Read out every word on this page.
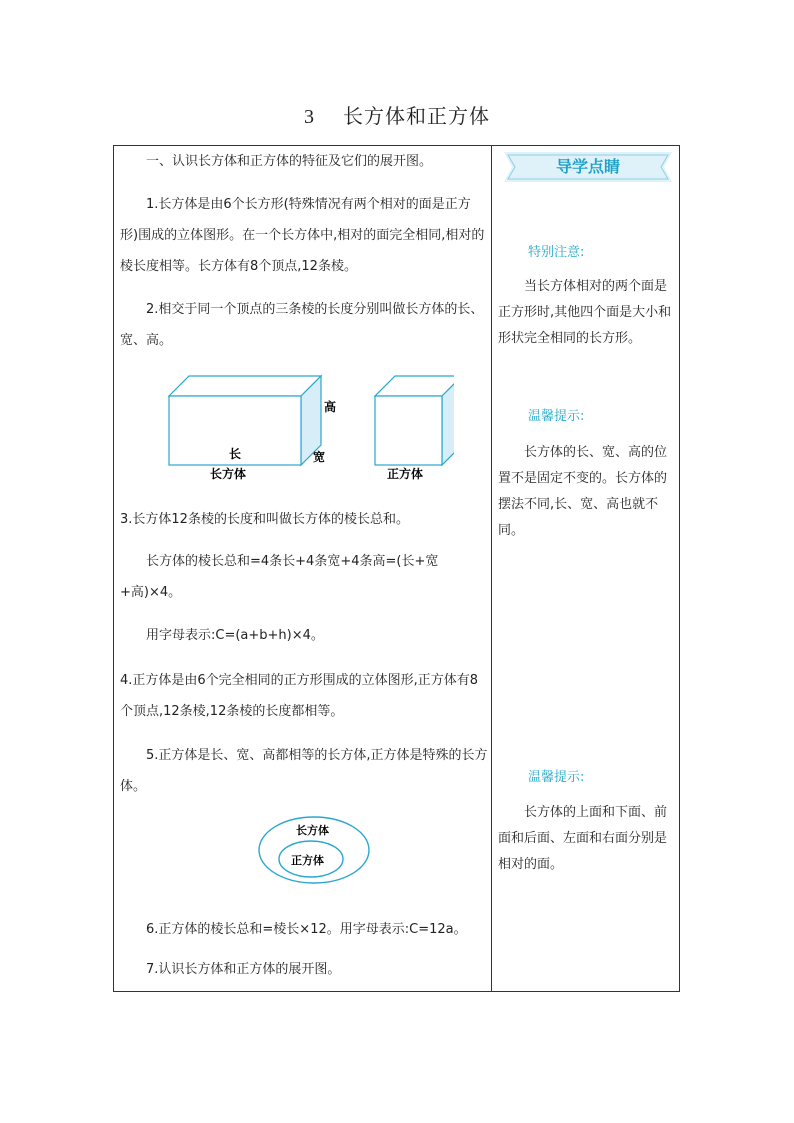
3 长方体和正方体
一、认识长方体和正方体的特征及它们的展开图。
1.长方体是由6个长方形(特殊情况有两个相对的面是正方形)围成的立体图形。在一个长方体中,相对的面完全相同,相对的棱长度相等。长方体有8个顶点,12条棱。
2.相交于同一个顶点的三条棱的长度分别叫做长方体的长、宽、高。
高
长	宽
长方体	正方体
3.长方体12条棱的长度和叫做长方体的棱长总和。
长方体的棱长总和=4条长+4条宽+4条高=(长+宽+高)×4。
用字母表示:C=(a+b+h)×4。
4.正方体是由6个完全相同的正方形围成的立体图形,正方体有8个顶点,12条棱,12条棱的长度都相等。
5.正方体是长、宽、高都相等的长方体,正方体是特殊的长方体。
长方体
正方体
6.正方体的棱长总和=棱长×12。用字母表示:C=12a。
7.认识长方体和正方体的展开图。
导学点睛
特别注意:
当长方体相对的两个面是正方形时,其他四个面是大小和形状完全相同的长方形。
温馨提示:
长方体的长、宽、高的位置不是固定不变的。长方体的摆法不同,长、宽、高也就不同。
温馨提示:
长方体的上面和下面、前面和后面、左面和右面分别是相对的面。
